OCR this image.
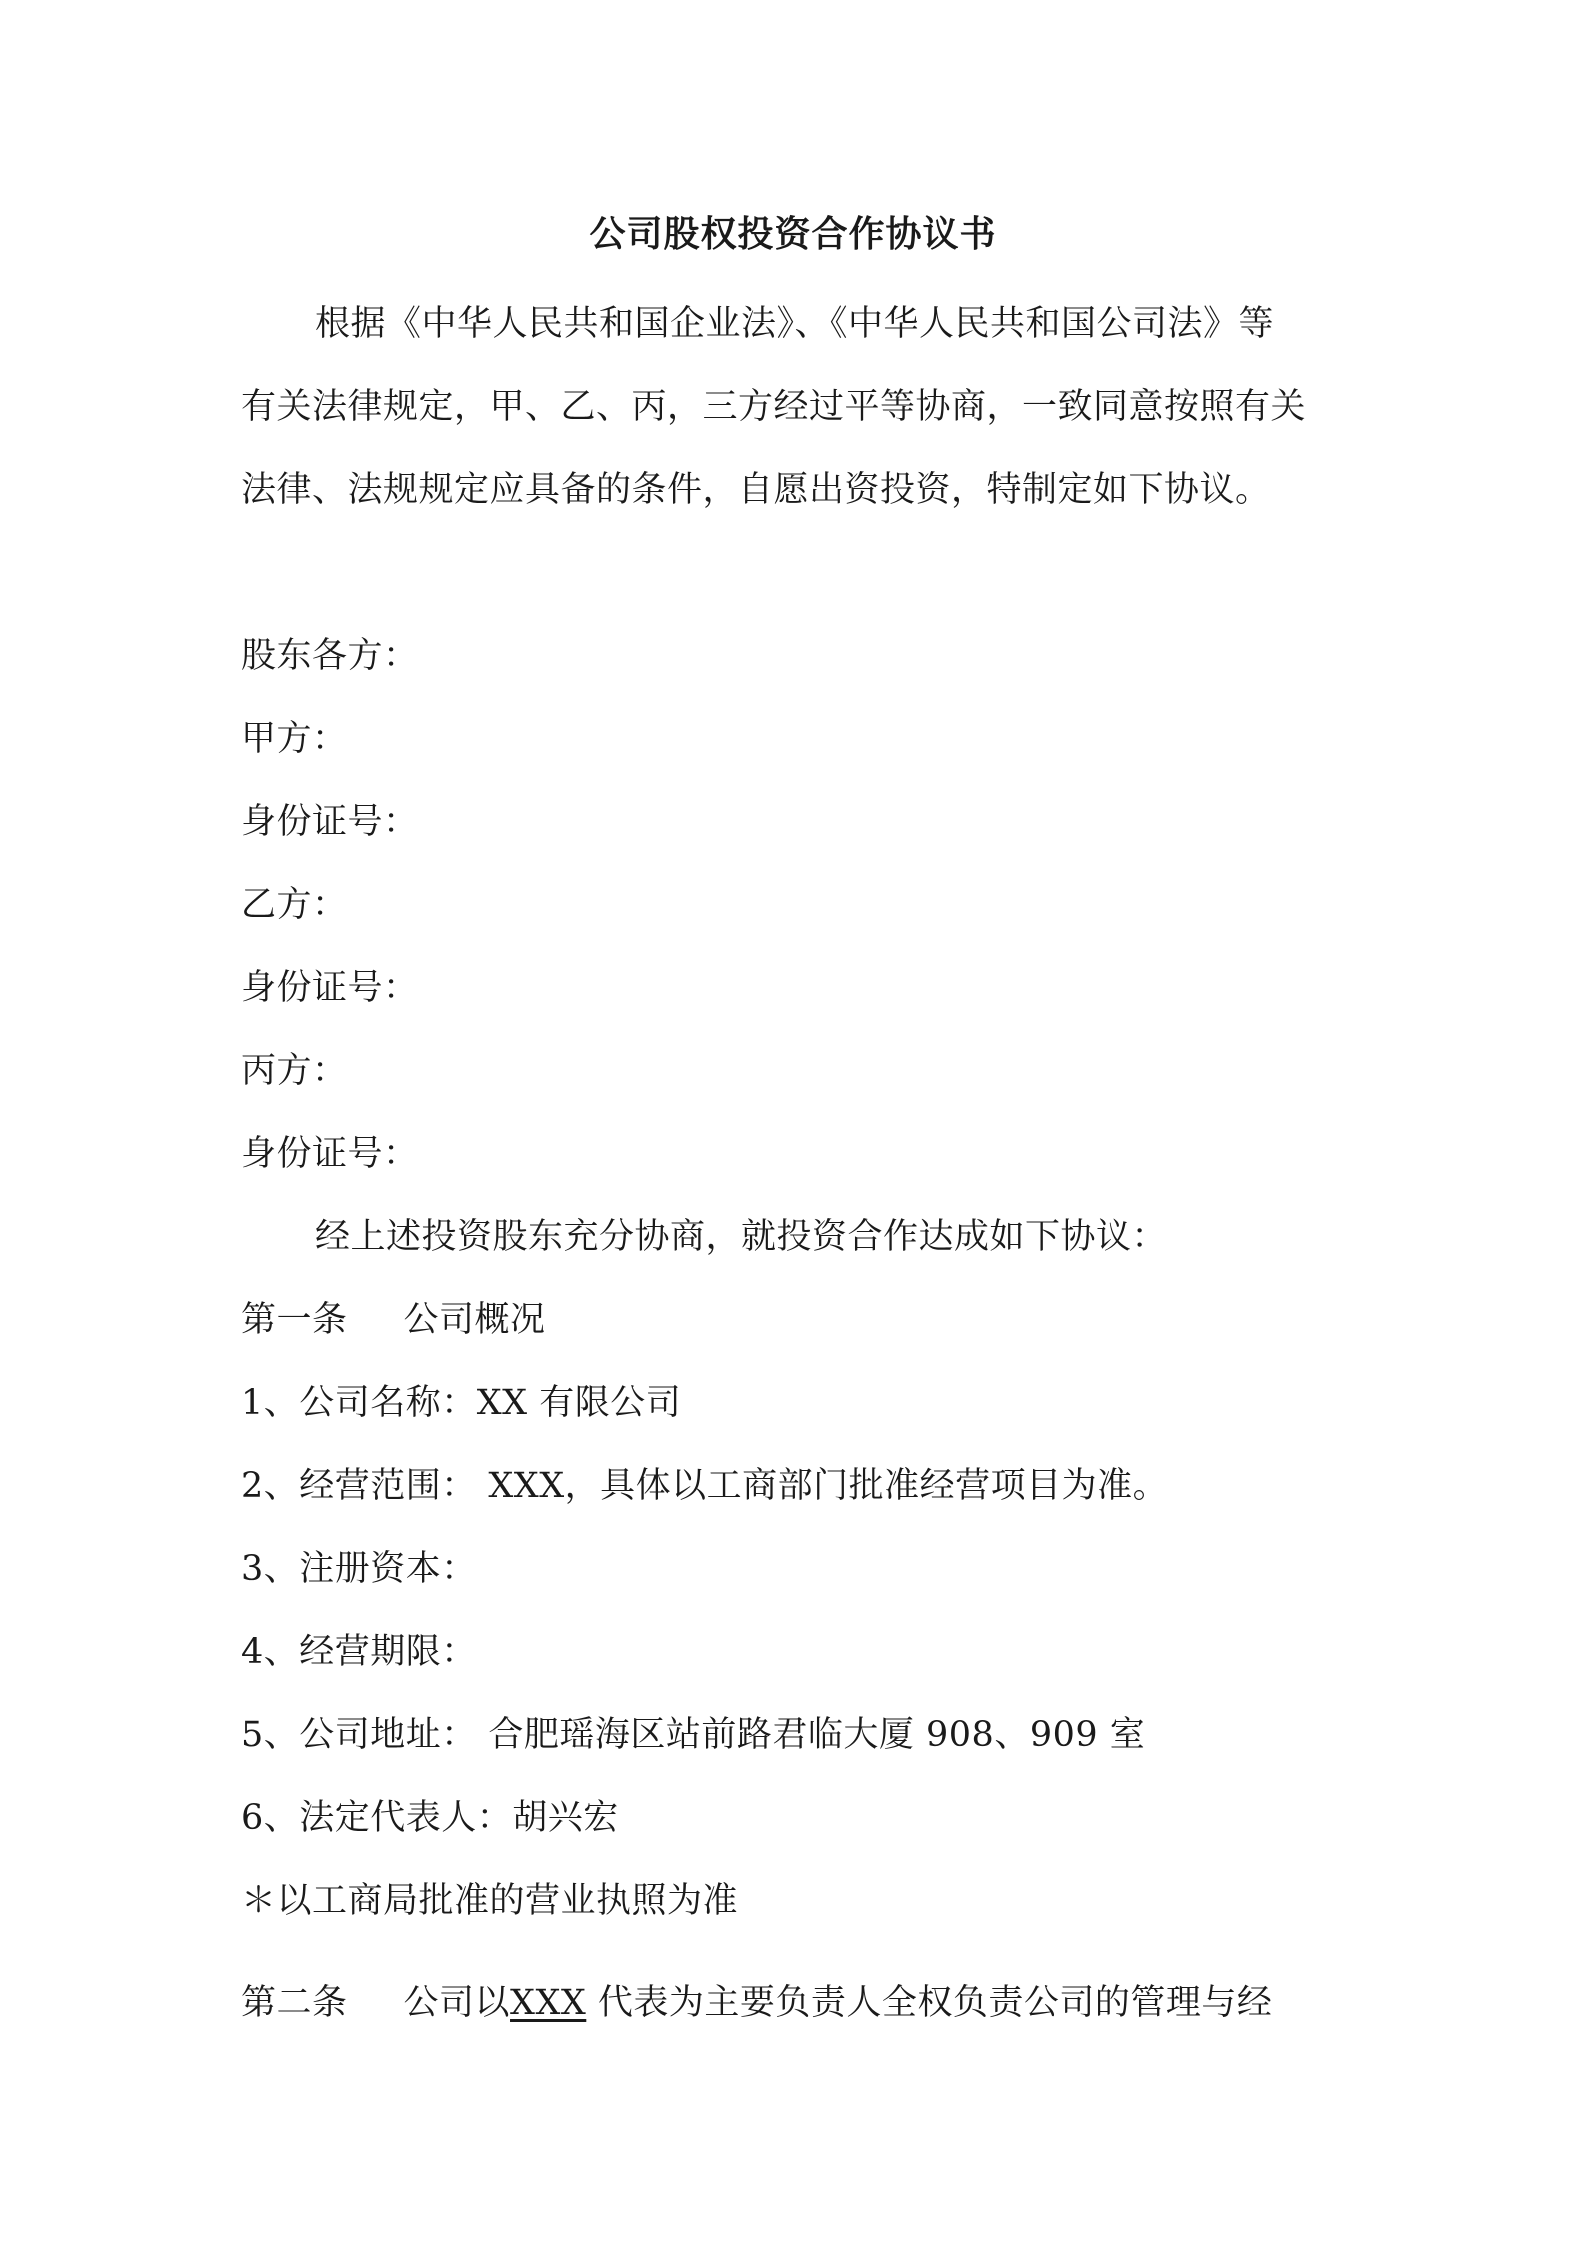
公司股权投资合作协议书
根据《中华人民共和国企业法》、《中华人民共和国公司法》等
有关法律规定，甲、乙、丙，三方经过平等协商，一致同意按照有关
法律、法规规定应具备的条件，自愿出资投资，特制定如下协议。
股东各方：
甲方：
身份证号：
乙方：
身份证号：
丙方：
身份证号：
经上述投资股东充分协商，就投资合作达成如下协议：
第一条 公司概况
1、公司名称：XX 有限公司
2、经营范围： XXX，具体以工商部门批准经营项目为准。
3、注册资本：
4、经营期限：
5、公司地址： 合肥瑶海区站前路君临大厦 908、909 室
6、法定代表人：胡兴宏
＊以工商局批准的营业执照为准
第二条 公司以XXX 代表为主要负责人全权负责公司的管理与经
